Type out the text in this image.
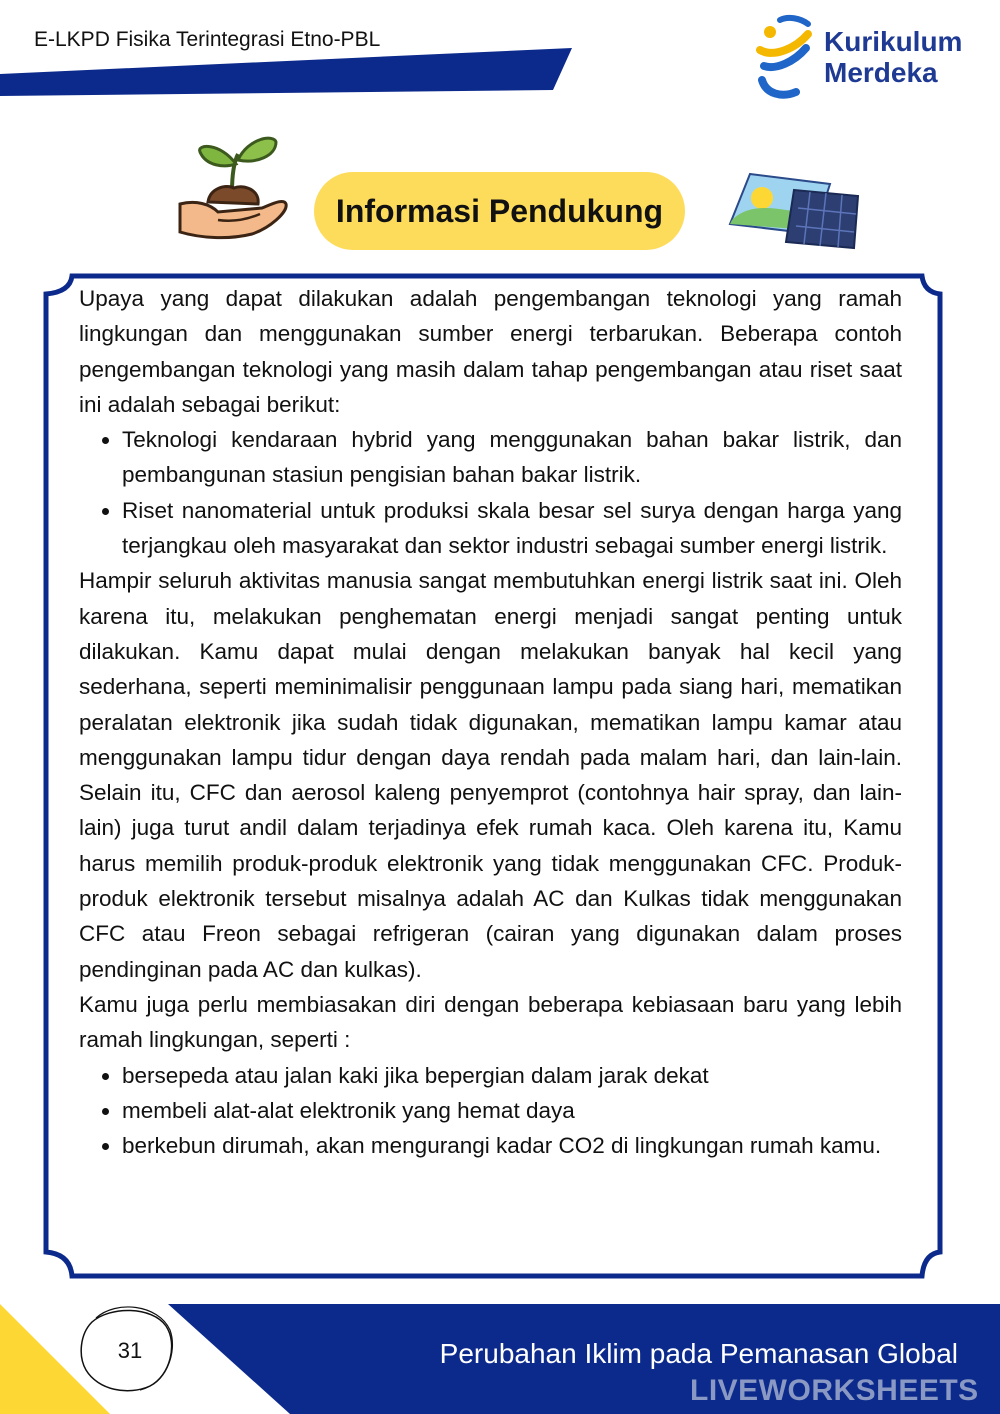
E-LKPD Fisika Terintegrasi Etno-PBL	Kurikulum
Merdeka
Informasi Pendukung

Upaya yang dapat dilakukan adalah pengembangan teknologi yang ramah lingkungan dan menggunakan sumber energi terbarukan. Beberapa contoh pengembangan teknologi yang masih dalam tahap pengembangan atau riset saat ini adalah sebagai berikut:

• Teknologi kendaraan hybrid yang menggunakan bahan bakar listrik, dan pembangunan stasiun pengisian bahan bakar listrik.
• Riset nanomaterial untuk produksi skala besar sel surya dengan harga yang terjangkau oleh masyarakat dan sektor industri sebagai sumber energi listrik.

Hampir seluruh aktivitas manusia sangat membutuhkan energi listrik saat ini. Oleh karena itu, melakukan penghematan energi menjadi sangat penting untuk dilakukan. Kamu dapat mulai dengan melakukan banyak hal kecil yang sederhana, seperti meminimalisir penggunaan lampu pada siang hari, mematikan peralatan elektronik jika sudah tidak digunakan, mematikan lampu kamar atau menggunakan lampu tidur dengan daya rendah pada malam hari, dan lain-lain. Selain itu, CFC dan aerosol kaleng penyemprot (contohnya hair spray, dan lain-lain) juga turut andil dalam terjadinya efek rumah kaca. Oleh karena itu, Kamu harus memilih produk-produk elektronik yang tidak menggunakan CFC. Produk-produk elektronik tersebut misalnya adalah AC dan Kulkas tidak menggunakan CFC atau Freon sebagai refrigeran (cairan yang digunakan dalam proses pendinginan pada AC dan kulkas).

Kamu juga perlu membiasakan diri dengan beberapa kebiasaan baru yang lebih ramah lingkungan, seperti :

• bersepeda atau jalan kaki jika bepergian dalam jarak dekat
• membeli alat-alat elektronik yang hemat daya
• berkebun dirumah, akan mengurangi kadar CO2 di lingkungan rumah kamu.
31	Perubahan Iklim pada Pemanasan Global
LIVEWORKSHEETS
